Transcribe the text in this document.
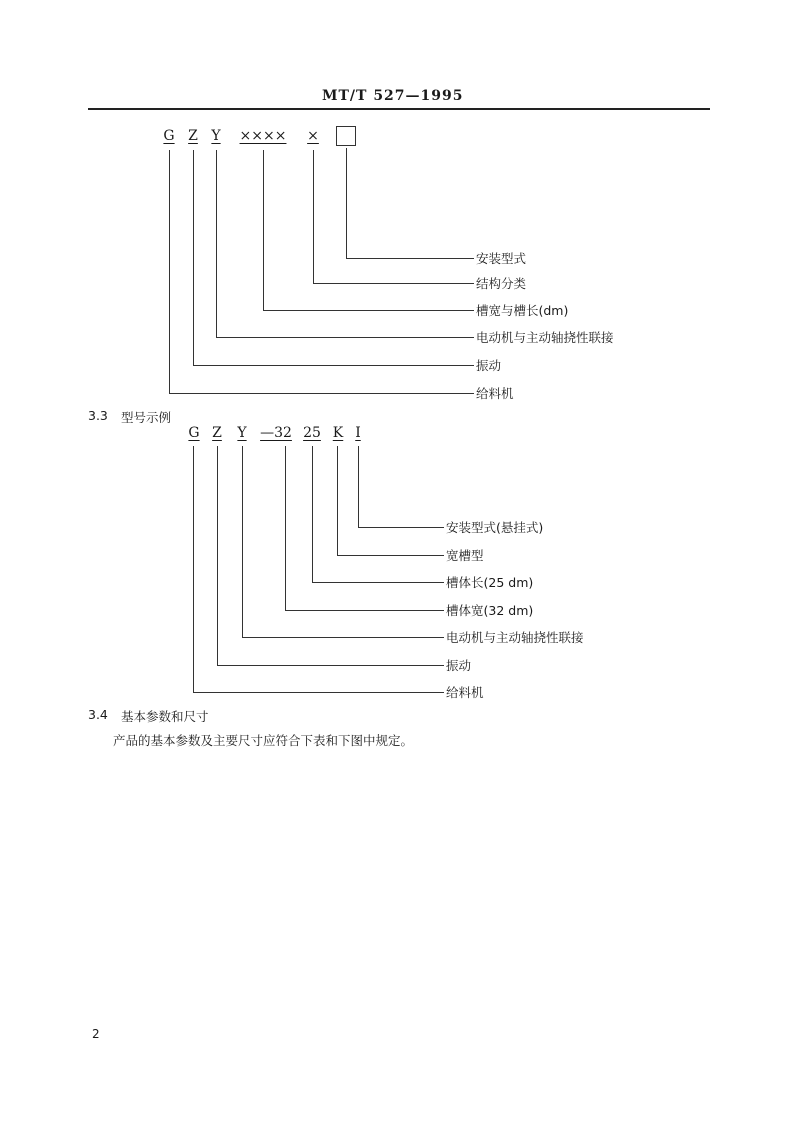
MT/T 527—1995
G Z Y	××××	×
安装型式
结构分类
槽宽与槽长(dm)
电动机与主动轴挠性联接
振动
给料机
3.3 型号示例
G Z	Y —32 25 K I
安装型式(悬挂式)
宽槽型
槽体长(25 dm)
槽体宽(32 dm)
电动机与主动轴挠性联接
振动
给料机
3.4 基本参数和尺寸
产品的基本参数及主要尺寸应符合下表和下图中规定。
2
